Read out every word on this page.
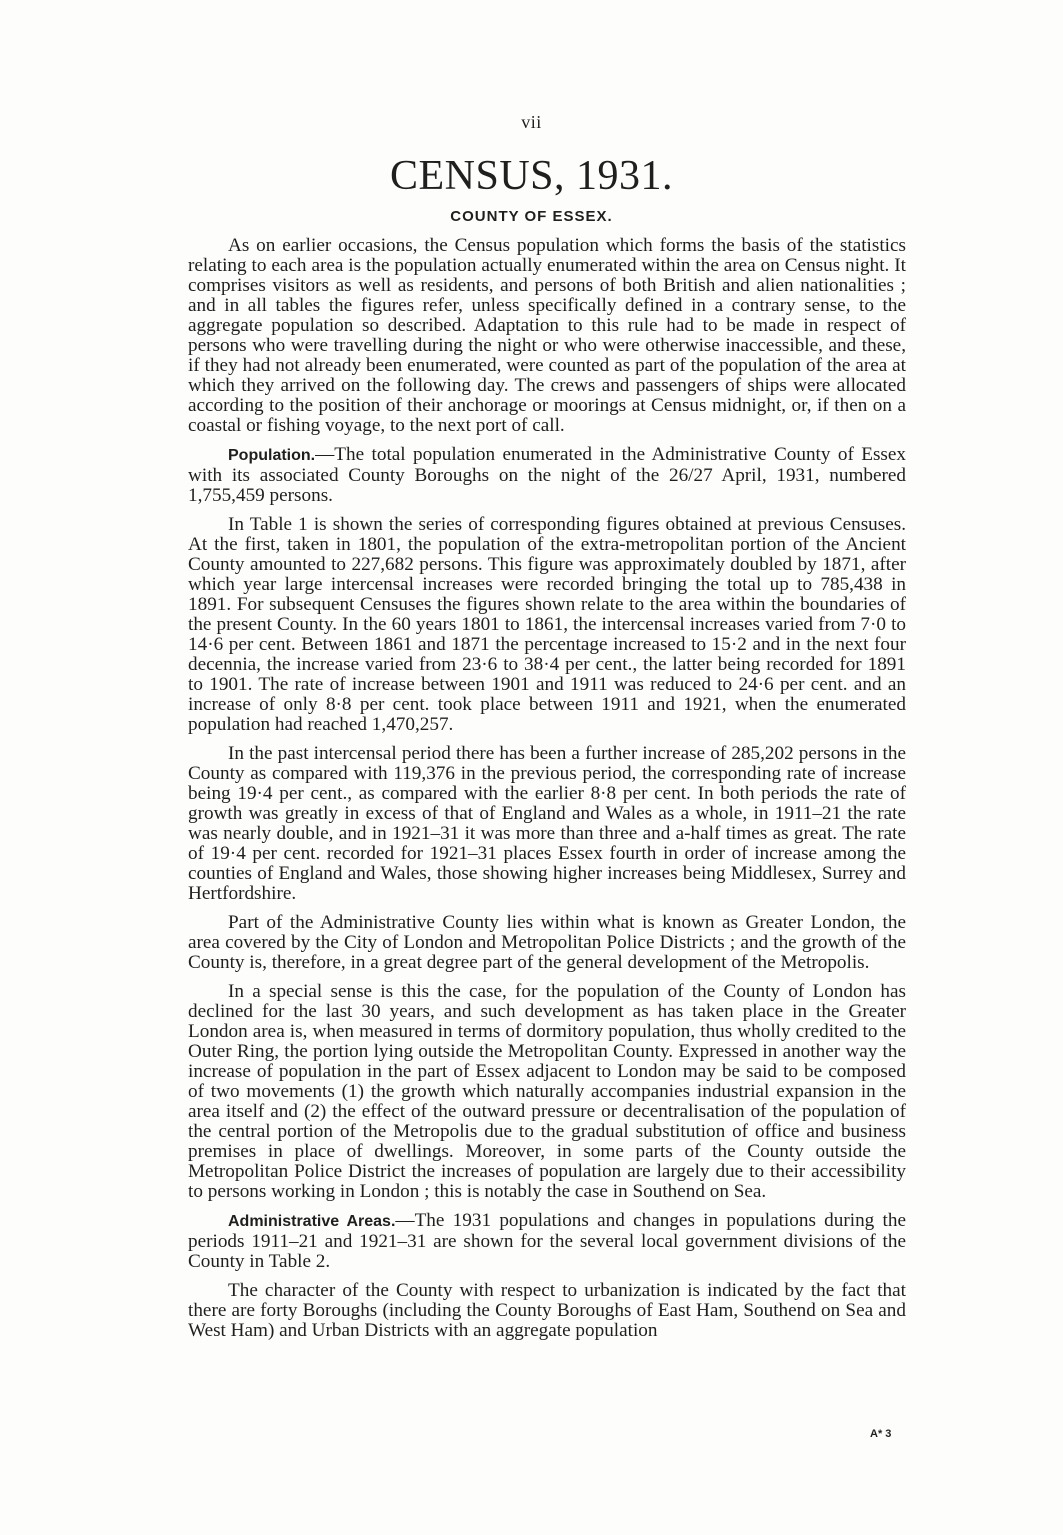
vii
CENSUS, 1931.
COUNTY OF ESSEX.

As on earlier occasions, the Census population which forms the basis of the statistics relating to each area is the population actually enumerated within the area on Census night. It comprises visitors as well as residents, and persons of both British and alien nationalities ; and in all tables the figures refer, unless specifically defined in a contrary sense, to the aggregate population so described. Adaptation to this rule had to be made in respect of persons who were travelling during the night or who were otherwise inaccessible, and these, if they had not already been enumerated, were counted as part of the population of the area at which they arrived on the following day. The crews and passengers of ships were allocated according to the position of their anchorage or moorings at Census midnight, or, if then on a coastal or fishing voyage, to the next port of call.

Population.—The total population enumerated in the Administrative County of Essex with its associated County Boroughs on the night of the 26/27 April, 1931, numbered 1,755,459 persons.

In Table 1 is shown the series of corresponding figures obtained at previous Censuses. At the first, taken in 1801, the population of the extra-metropolitan portion of the Ancient County amounted to 227,682 persons. This figure was approximately doubled by 1871, after which year large intercensal increases were recorded bringing the total up to 785,438 in 1891. For subsequent Censuses the figures shown relate to the area within the boundaries of the present County. In the 60 years 1801 to 1861, the intercensal increases varied from 7·0 to 14·6 per cent. Between 1861 and 1871 the percentage increased to 15·2 and in the next four decennia, the increase varied from 23·6 to 38·4 per cent., the latter being recorded for 1891 to 1901. The rate of increase between 1901 and 1911 was reduced to 24·6 per cent. and an increase of only 8·8 per cent. took place between 1911 and 1921, when the enumerated population had reached 1,470,257.

In the past intercensal period there has been a further increase of 285,202 persons in the County as compared with 119,376 in the previous period, the corresponding rate of increase being 19·4 per cent., as compared with the earlier 8·8 per cent. In both periods the rate of growth was greatly in excess of that of England and Wales as a whole, in 1911–21 the rate was nearly double, and in 1921–31 it was more than three and a-half times as great. The rate of 19·4 per cent. recorded for 1921–31 places Essex fourth in order of increase among the counties of England and Wales, those showing higher increases being Middlesex, Surrey and Hertfordshire.

Part of the Administrative County lies within what is known as Greater London, the area covered by the City of London and Metropolitan Police Districts ; and the growth of the County is, therefore, in a great degree part of the general development of the Metropolis.

In a special sense is this the case, for the population of the County of London has declined for the last 30 years, and such development as has taken place in the Greater London area is, when measured in terms of dormitory population, thus wholly credited to the Outer Ring, the portion lying outside the Metropolitan County. Expressed in another way the increase of population in the part of Essex adjacent to London may be said to be composed of two movements (1) the growth which naturally accompanies industrial expansion in the area itself and (2) the effect of the outward pressure or decentralisation of the population of the central portion of the Metropolis due to the gradual substitution of office and business premises in place of dwellings. Moreover, in some parts of the County outside the Metropolitan Police District the increases of population are largely due to their accessibility to persons working in London ; this is notably the case in Southend on Sea.

Administrative Areas.—The 1931 populations and changes in populations during the periods 1911–21 and 1921–31 are shown for the several local government divisions of the County in Table 2.

The character of the County with respect to urbanization is indicated by the fact that there are forty Boroughs (including the County Boroughs of East Ham, Southend on Sea and West Ham) and Urban Districts with an aggregate population

A* 3
